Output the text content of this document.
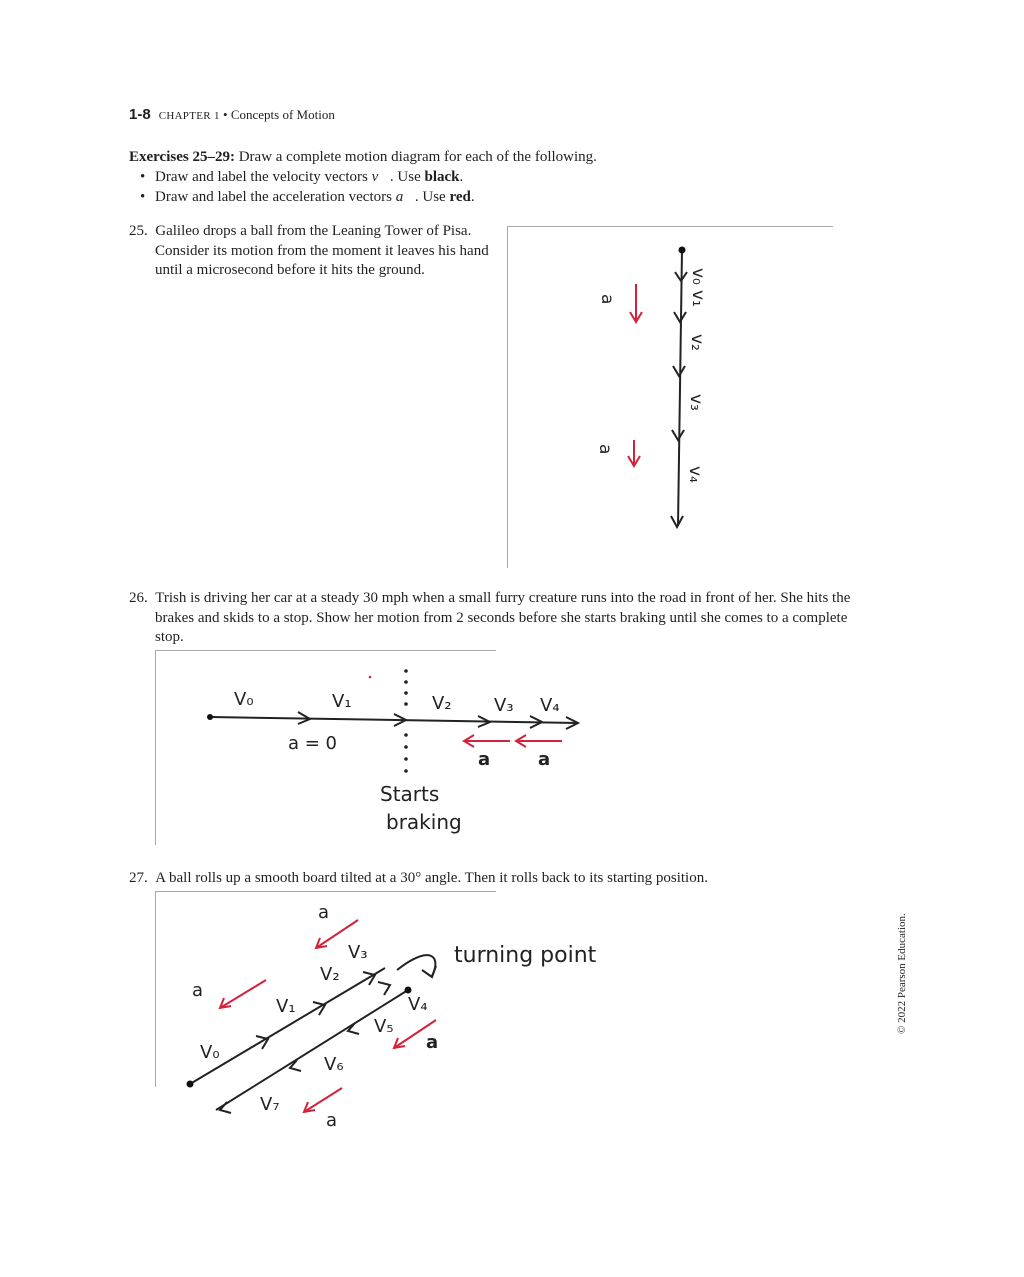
1-8 CHAPTER 1 • Concepts of Motion
Exercises 25–29: Draw a complete motion diagram for each of the following.
• Draw and label the velocity vectors v⃗. Use black.
• Draw and label the acceleration vectors a⃗. Use red.
25. Galileo drops a ball from the Leaning Tower of Pisa. Consider its motion from the moment it leaves his hand until a microsecond before it hits the ground.	v₀
v₁
v₂
v₃
v₄
a
a
26. Trish is driving her car at a steady 30 mph when a small furry creature runs into the road in front of her. She hits the brakes and skids to a stop. Show her motion from 2 seconds before she starts braking until she comes to a complete stop.
V₀	V₁	V₂ V₃ V₄
a = 0
a	a
Starts
braking
27. A ball rolls up a smooth board tilted at a 30° angle. Then it rolls back to its starting position.
V₀
V₁
V₂
V₃
V₄
V₅
V₆
V₇
a
a
a
a
turning point	© 2022 Pearson Education.
